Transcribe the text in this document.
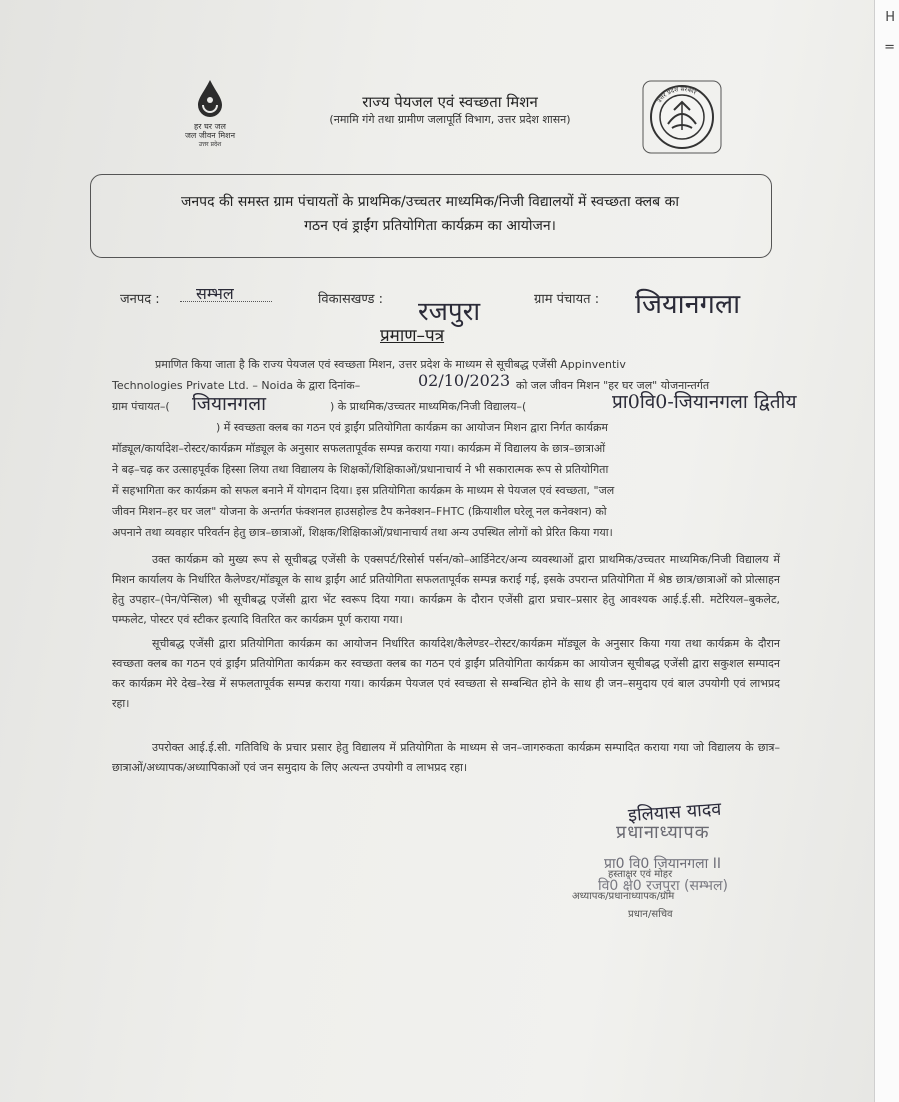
H
=
हर घर जल
जल जीवन मिशन
उत्तर प्रदेश
राज्य पेयजल एवं स्वच्छता मिशन
(नमामि गंगे तथा ग्रामीण जलापूर्ति विभाग, उत्तर प्रदेश शासन)
उत्तर प्रदेश सरकार
जनपद की समस्त ग्राम पंचायतों के प्राथमिक/उच्चतर माध्यमिक/निजी विद्यालयों में स्वच्छता क्लब का
गठन एवं ड्राईंग प्रतियोगिता कार्यक्रम का आयोजन।
जनपद : सम्भल	विकासखण्ड : रजपुरा	ग्राम पंचायत : जियानगला
प्रमाण–पत्र
प्रमाणित किया जाता है कि राज्य पेयजल एवं स्वच्छता मिशन, उत्तर प्रदेश के माध्यम से सूचीबद्ध एजेंसी Appinventiv
Technologies Private Ltd. – Noida के द्वारा दिनांक–	02/10/2023 को जल जीवन मिशन "हर घर जल" योजनान्तर्गत
ग्राम पंचायत–( जियानगला	) के प्राथमिक/उच्चतर माध्यमिक/निजी विद्यालय–(	प्रा0वि0-जियानगला द्वितीय
) में स्वच्छता क्लब का गठन एवं ड्राईंग प्रतियोगिता कार्यक्रम का आयोजन मिशन द्वारा निर्गत कार्यक्रम
मॉड्यूल/कार्यादेश–रोस्टर/कार्यक्रम मॉड्यूल के अनुसार सफलतापूर्वक सम्पन्न कराया गया। कार्यक्रम में विद्यालय के छात्र–छात्राओं
ने बढ़–चढ़ कर उत्साहपूर्वक हिस्सा लिया तथा विद्यालय के शिक्षकों/शिक्षिकाओं/प्रधानाचार्य ने भी सकारात्मक रूप से प्रतियोगिता
में सहभागिता कर कार्यक्रम को सफल बनाने में योगदान दिया। इस प्रतियोगिता कार्यक्रम के माध्यम से पेयजल एवं स्वच्छता, "जल
जीवन मिशन–हर घर जल" योजना के अन्तर्गत फंक्शनल हाउसहोल्ड टैप कनेक्शन–FHTC (क्रियाशील घरेलू नल कनेक्शन) को
अपनाने तथा व्यवहार परिवर्तन हेतु छात्र–छात्राओं, शिक्षक/शिक्षिकाओं/प्रधानाचार्य तथा अन्य उपस्थित लोगों को प्रेरित किया गया।
उक्त कार्यक्रम को मुख्य रूप से सूचीबद्ध एजेंसी के एक्सपर्ट/रिसोर्स पर्सन/को–आर्डिनेटर/अन्य व्यवस्थाओं द्वारा प्राथमिक/उच्चतर माध्यमिक/निजी विद्यालय में मिशन कार्यालय के निर्धारित कैलेण्डर/मॉड्यूल के साथ ड्राईंग आर्ट प्रतियोगिता सफलतापूर्वक सम्पन्न कराई गई, इसके उपरान्त प्रतियोगिता में श्रेष्ठ छात्र/छात्राओं को प्रोत्साहन हेतु उपहार–(पेन/पेन्सिल) भी सूचीबद्ध एजेंसी द्वारा भेंट स्वरूप दिया गया। कार्यक्रम के दौरान एजेंसी द्वारा प्रचार–प्रसार हेतु आवश्यक आई.ई.सी. मटेरियल–बुकलेट, पम्फलेट, पोस्टर एवं स्टीकर इत्यादि वितरित कर कार्यक्रम पूर्ण कराया गया।
सूचीबद्ध एजेंसी द्वारा प्रतियोगिता कार्यक्रम का आयोजन निर्धारित कार्यादेश/कैलेण्डर–रोस्टर/कार्यक्रम मॉड्यूल के अनुसार किया गया तथा कार्यक्रम के दौरान स्वच्छता क्लब का गठन एवं ड्राईंग प्रतियोगिता कार्यक्रम कर स्वच्छता क्लब का गठन एवं ड्राईंग प्रतियोगिता कार्यक्रम का आयोजन सूचीबद्ध एजेंसी द्वारा सकुशल सम्पादन कर कार्यक्रम मेरे देख–रेख में सफलतापूर्वक सम्पन्न कराया गया। कार्यक्रम पेयजल एवं स्वच्छता से सम्बन्धित होने के साथ ही जन–समुदाय एवं बाल उपयोगी एवं लाभप्रद रहा।
उपरोक्त आई.ई.सी. गतिविधि के प्रचार प्रसार हेतु विद्यालय में प्रतियोगिता के माध्यम से जन–जागरुकता कार्यक्रम सम्पादित कराया गया जो विद्यालय के छात्र–छात्राओं/अध्यापक/अध्यापिकाओं एवं जन समुदाय के लिए अत्यन्त उपयोगी व लाभप्रद रहा।
इलियास यादव
प्रधानाध्यापक
प्रा0 वि0 जियानगला II
हस्ताक्षर एवं मोहर
वि0 क्षे0 रजपुरा (सम्भल)
अध्यापक/प्रधानाध्यापक/ग्राम
प्रधान/सचिव
